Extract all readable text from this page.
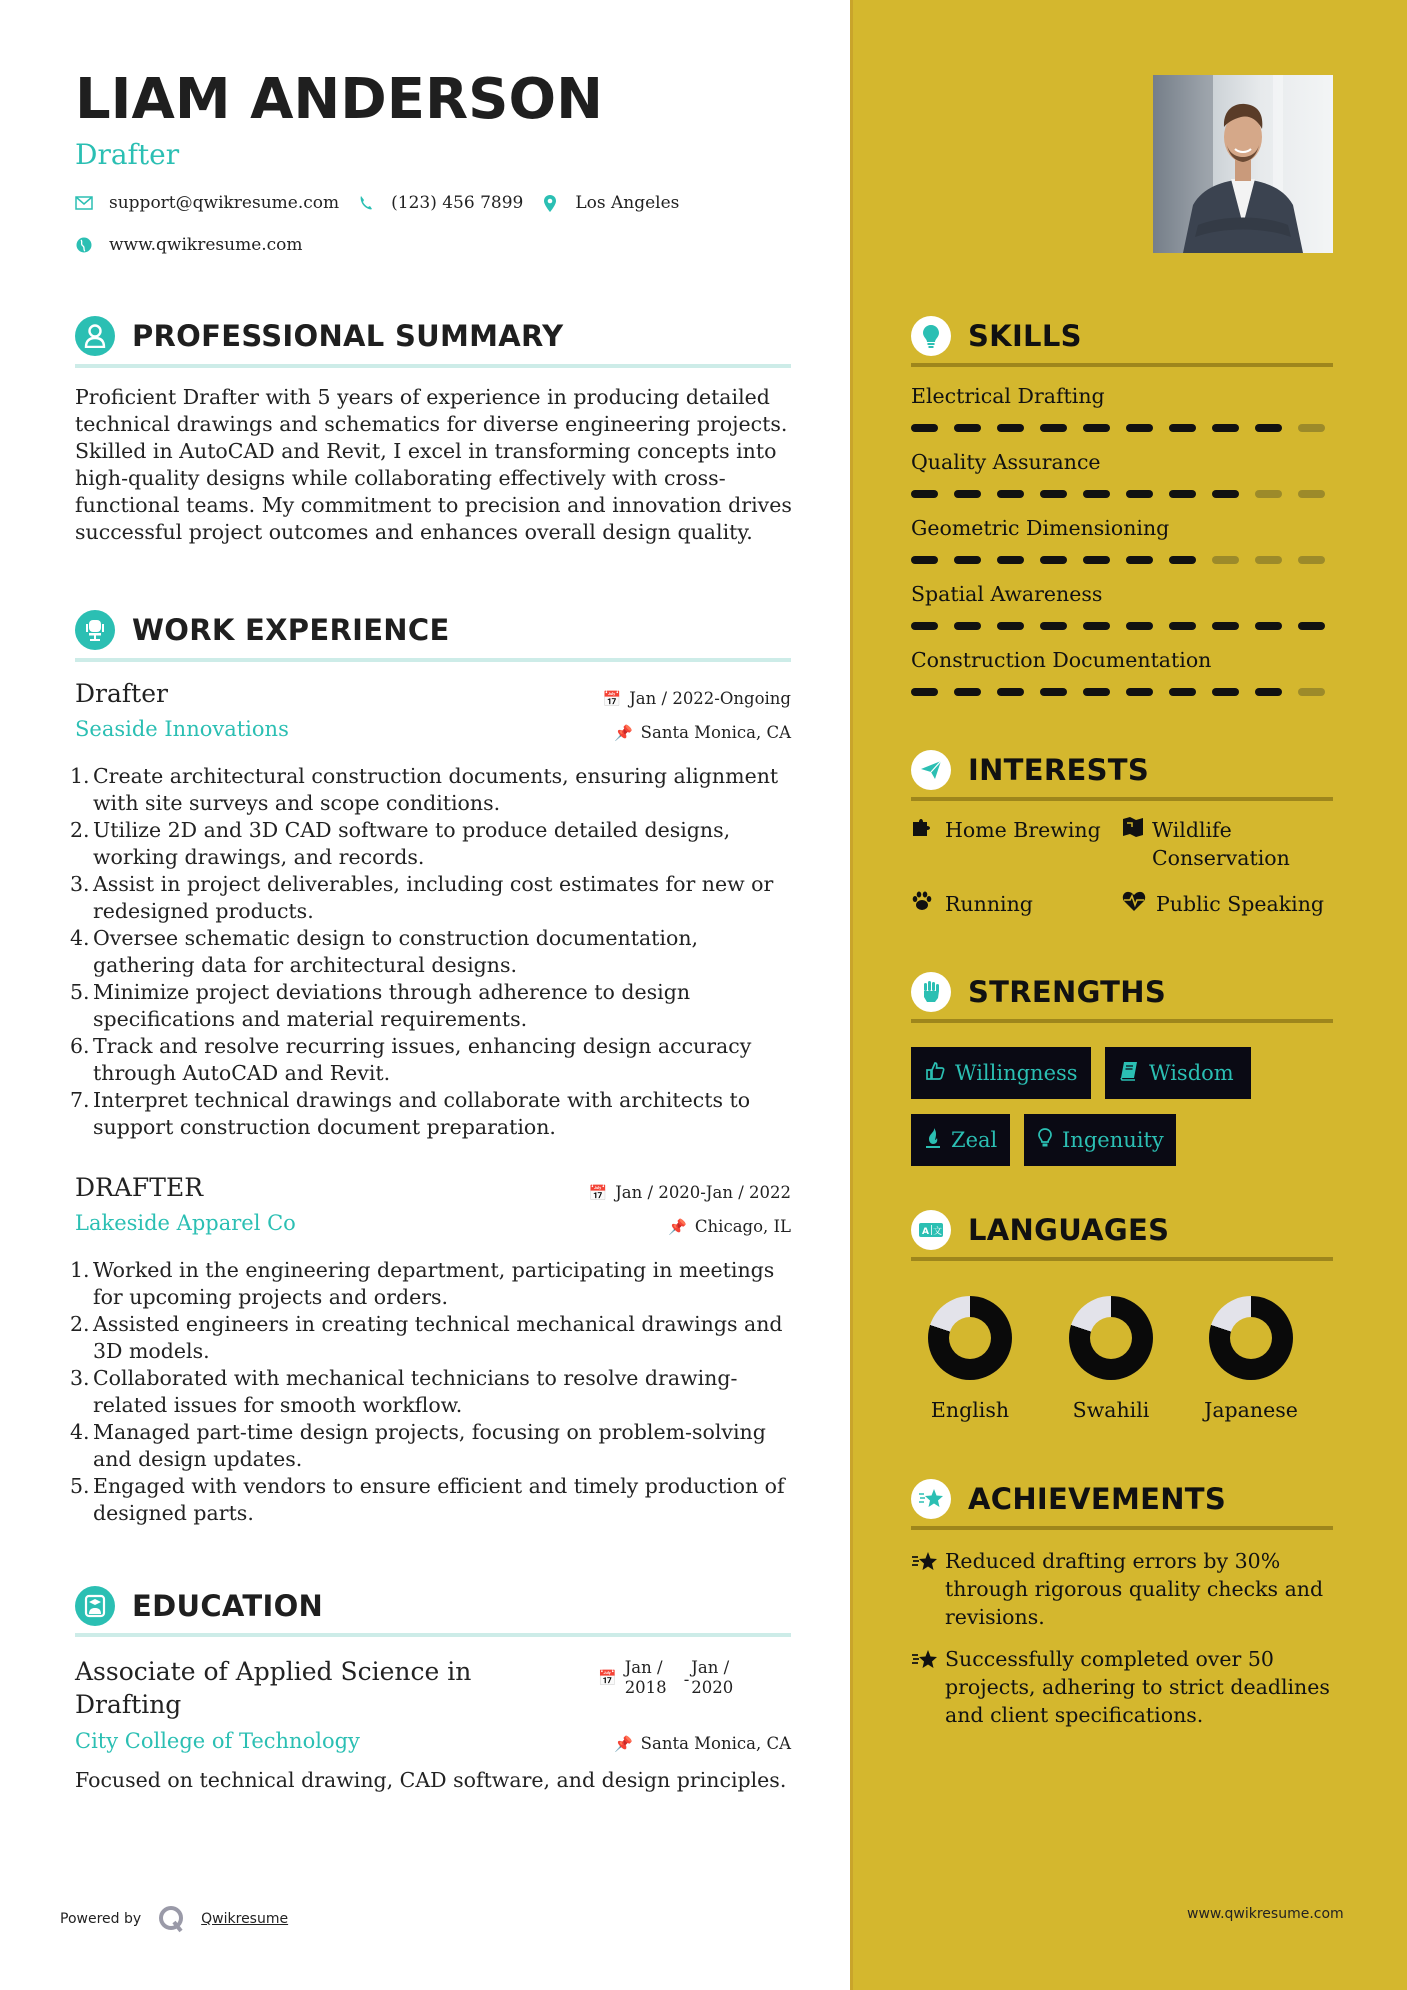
LIAM ANDERSON
Drafter
support@qwikresume.com	(123) 456 7899	Los Angeles
www.qwikresume.com
PROFESSIONAL SUMMARY
Proficient Drafter with 5 years of experience in producing detailed technical drawings and schematics for diverse engineering projects. Skilled in AutoCAD and Revit, I excel in transforming concepts into high-quality designs while collaborating effectively with cross-functional teams. My commitment to precision and innovation drives successful project outcomes and enhances overall design quality.
WORK EXPERIENCE
Drafter	📅 Jan / 2022-Ongoing
Seaside Innovations	📌 Santa Monica, CA
1. Create architectural construction documents, ensuring alignment with site surveys and scope conditions.
2. Utilize 2D and 3D CAD software to produce detailed designs, working drawings, and records.
3. Assist in project deliverables, including cost estimates for new or redesigned products.
4. Oversee schematic design to construction documentation, gathering data for architectural designs.
5. Minimize project deviations through adherence to design specifications and material requirements.
6. Track and resolve recurring issues, enhancing design accuracy through AutoCAD and Revit.
7. Interpret technical drawings and collaborate with architects to support construction document preparation.
DRAFTER	📅 Jan / 2020-Jan / 2022
Lakeside Apparel Co	📌 Chicago, IL
1. Worked in the engineering department, participating in meetings for upcoming projects and orders.
2. Assisted engineers in creating technical mechanical drawings and 3D models.
3. Collaborated with mechanical technicians to resolve drawing-related issues for smooth workflow.
4. Managed part-time design projects, focusing on problem-solving and design updates.
5. Engaged with vendors to ensure efficient and timely production of designed parts.
EDUCATION
Associate of Applied Science in Drafting
📅
Jan / 2018	-
Jan / 2020
City College of Technology	📌 Santa Monica, CA
Focused on technical drawing, CAD software, and design principles.
Powered by	Qwikresume
SKILLS
Electrical Drafting
Quality Assurance
Geometric Dimensioning
Spatial Awareness
Construction Documentation
INTERESTS
Home Brewing	Wildlife Conservation
Running	Public Speaking
STRENGTHS
Willingness	Wisdom
Zeal	Ingenuity
A 文 LANGUAGES
English	Swahili	Japanese
ACHIEVEMENTS
Reduced drafting errors by 30% through rigorous quality checks and revisions.
Successfully completed over 50 projects, adhering to strict deadlines and client specifications.
www.qwikresume.com
